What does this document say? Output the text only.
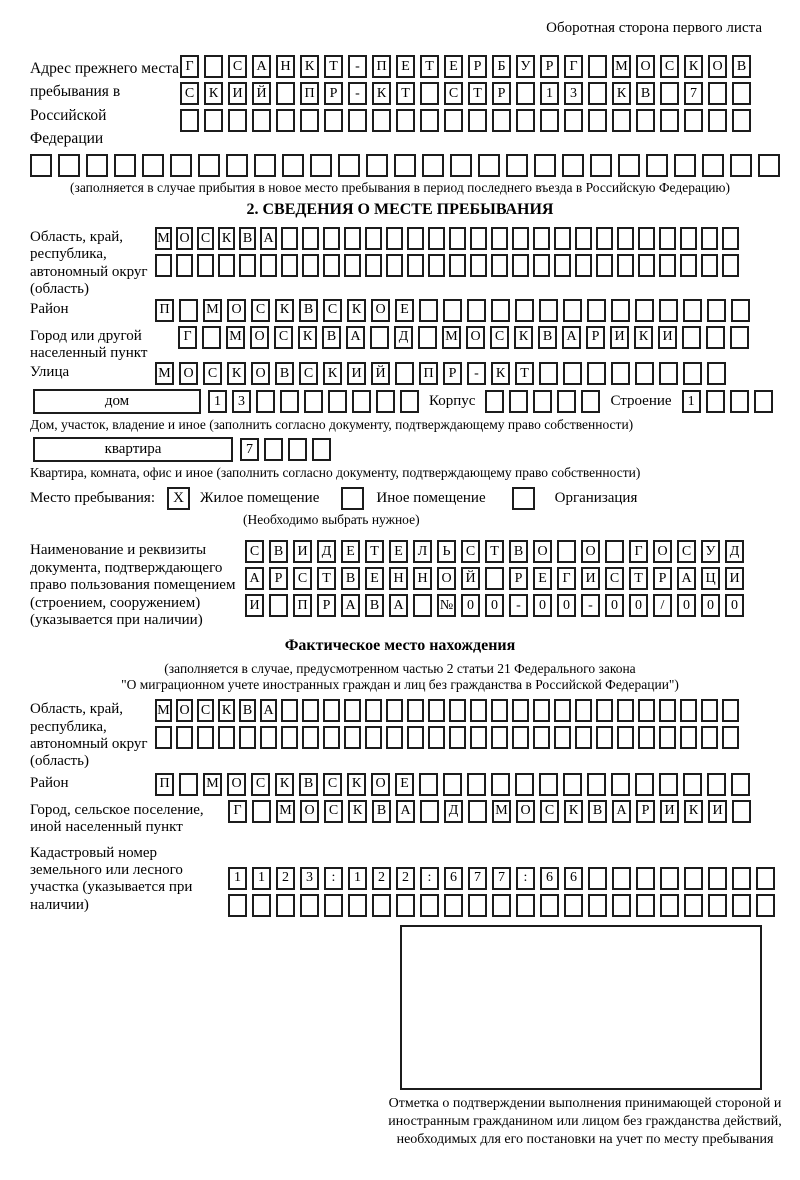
Оборотная сторона первого листа
Адрес прежнего места пребывания в Российской Федерации
Г	С	А Н	К	Т	-	П	Е	Т	Е	Р	Б	У	Р	Г	М О	С	К	О	В
С	К	И Й	П	Р	-	К	Т	С	Т	Р	1	3	К	В	7
(заполняется в случае прибытия в новое место пребывания в период последнего въезда в Российскую Федерацию)
2. СВЕДЕНИЯ О МЕСТЕ ПРЕБЫВАНИЯ
Область, край, республика, автономный округ (область)
М О С К В А
Район	П	М О	С	К	В	С	К	О	Е
Город или другой населенный пункт
Г	М О	С	К	В	А	Д	М О	С	К	В	А	Р	И	К	И
Улица	М О	С	К	О	В	С	К	И Й	П	Р	-	К	Т
дом	1	3	Корпус	Строение	1
Дом, участок, владение и иное (заполнить согласно документу, подтверждающему право собственности)
квартира	7
Квартира, комната, офис и иное (заполнить согласно документу, подтверждающему право собственности)
Место пребывания:	X	Жилое помещение	Иное помещение	Организация
(Необходимо выбрать нужное)
Наименование и реквизиты документа, подтверждающего право пользования помещением (строением, сооружением) (указывается при наличии)
С	В	И	Д	Е	Т	Е	Л	Ь	С	Т	В	О	О	Г	О	С	У	Д
А	Р	С	Т	В	Е	Н Н О Й	Р	Е	Г	И	С	Т	Р	А Ц И
И	П	Р	А	В	А	№ 0	0	-	0	0	-	0	0	/	0	0	0
Фактическое место нахождения
(заполняется в случае, предусмотренном частью 2 статьи 21 Федерального закона
"О миграционном учете иностранных граждан и лиц без гражданства в Российской Федерации")
Область, край, республика, автономный округ (область)
М О С К В А
Район	П	М О	С	К	В	С	К	О	Е
Город, сельское поселение, иной населенный пункт
Г	М О	С	К	В	А	Д	М О	С	К	В	А	Р	И	К	И
Кадастровый номер земельного или лесного участка (указывается при наличии)
1	1	2	3	:	1	2	2	:	6	7	7	:	6	6
Отметка о подтверждении выполнения принимающей стороной и иностранным гражданином или лицом без гражданства действий, необходимых для его постановки на учет по месту пребывания
